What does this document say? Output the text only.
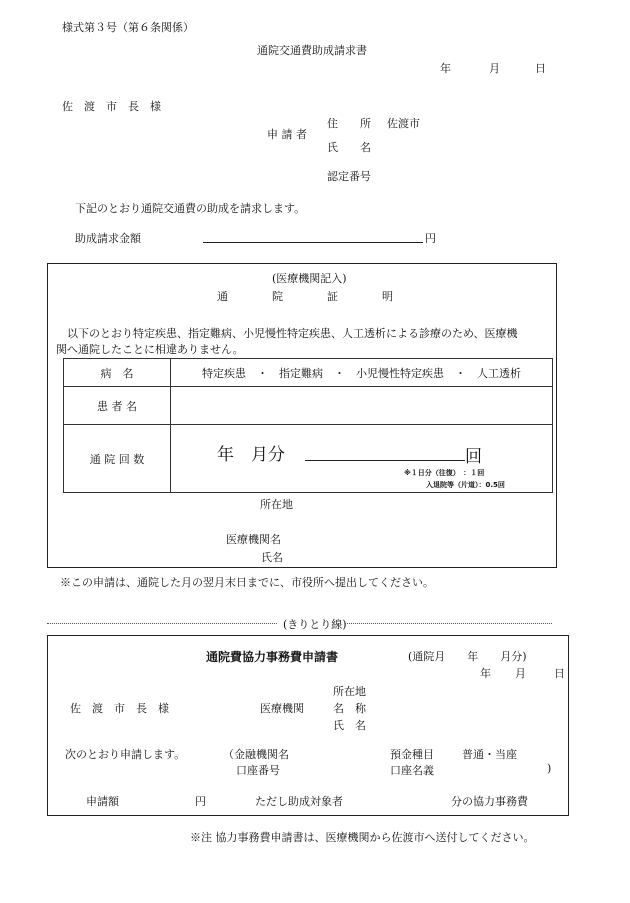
様式第３号（第６条関係）
通院交通費助成請求書
年	月	日
佐　渡　市　長　様
申 請 者
住　　所 佐渡市
氏　　名
認定番号
下記のとおり通院交通費の助成を請求します。
助成請求金額	円
(医療機関記入)
通　　　　院　　　　証　　　　明
　以下のとおり特定疾患、指定難病、小児慢性特定疾患、人工透析による診療のため、医療機
関へ通院したことに相違ありません。
病　名	特定疾患　・　指定難病　・　小児慢性特定疾患　・　人工透析
患 者 名	
通 院 回 数		年　月分	回
※１日分（往復）　：１回
入退院等（片道）：0.5回
所在地
医療機関名
氏名
※この申請は、通院した月の翌月末日までに、市役所へ提出してください。
(きりとり線)
通院費協力事務費申請書	(通院月　　年　　月分)
年 月	日
所在地
佐　渡　市　長　様	医療機関	名　称
氏　名
次のとおり申請します。	（金融機関名	預金種目	普通・当座
口座番号	口座名義	)
申請額	円	ただし助成対象者	分の協力事務費
※注 協力事務費申請書は、医療機関から佐渡市へ送付してください。
